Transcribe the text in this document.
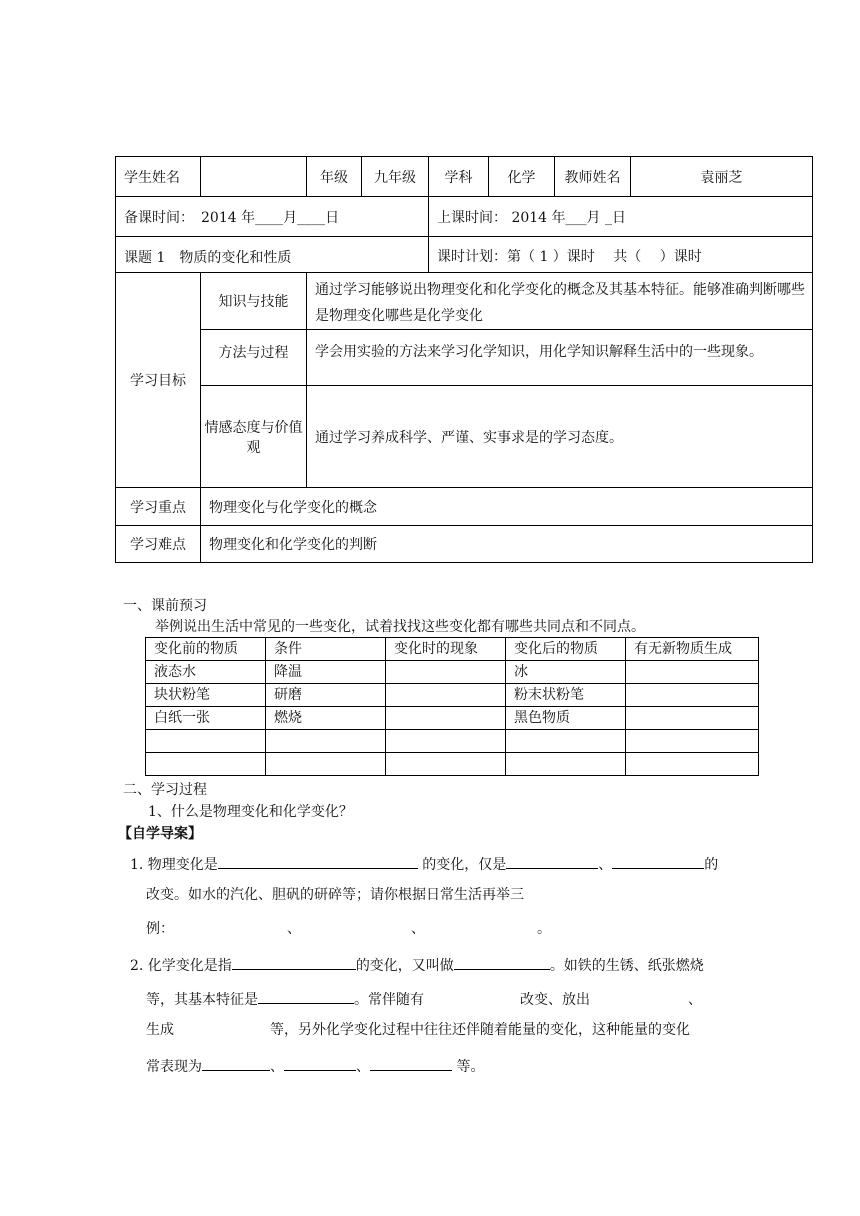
学生姓名		年级	九年级	学科	化学	教师姓名	袁丽芝
备课时间：　2014 年____月____日				上课时间： 2014 年___月 _日			
课题 1　物质的变化和性质				课时计划：第（ 1 ）课时　 共（　 ）课时			
学习目标	知识与技能	通过学习能够说出物理变化和化学变化的概念及其基本特征。能够准确判断哪些是物理变化哪些是化学变化					
	方法与过程	学会用实验的方法来学习化学知识，用化学知识解释生活中的一些现象。					
	情感态度与价值观	通过学习养成科学、严谨、实事求是的学习态度。					
学习重点	物理变化与化学变化的概念						
学习难点	物理变化和化学变化的判断						
一、课前预习
举例说出生活中常见的一些变化，试着找找这些变化都有哪些共同点和不同点。
变化前的物质	条件	变化时的现象	变化后的物质	有无新物质生成
液态水	降温		冰	
块状粉笔	研磨		粉末状粉笔	
白纸一张	燃烧		黑色物质	

二、学习过程
1、什么是物理变化和化学变化？
【自学导案】
1. 物理变化是	的变化，仅是	、	的
改变。如水的汽化、胆矾的研碎等；请你根据日常生活再举三
例：	、	、	。
2. 化学变化是指	的变化，又叫做	。如铁的生锈、纸张燃烧
等，其基本特征是	。常伴随有	改变、放出	、
生成	等，另外化学变化过程中往往还伴随着能量的变化，这种能量的变化
常表现为	、	、	等。
